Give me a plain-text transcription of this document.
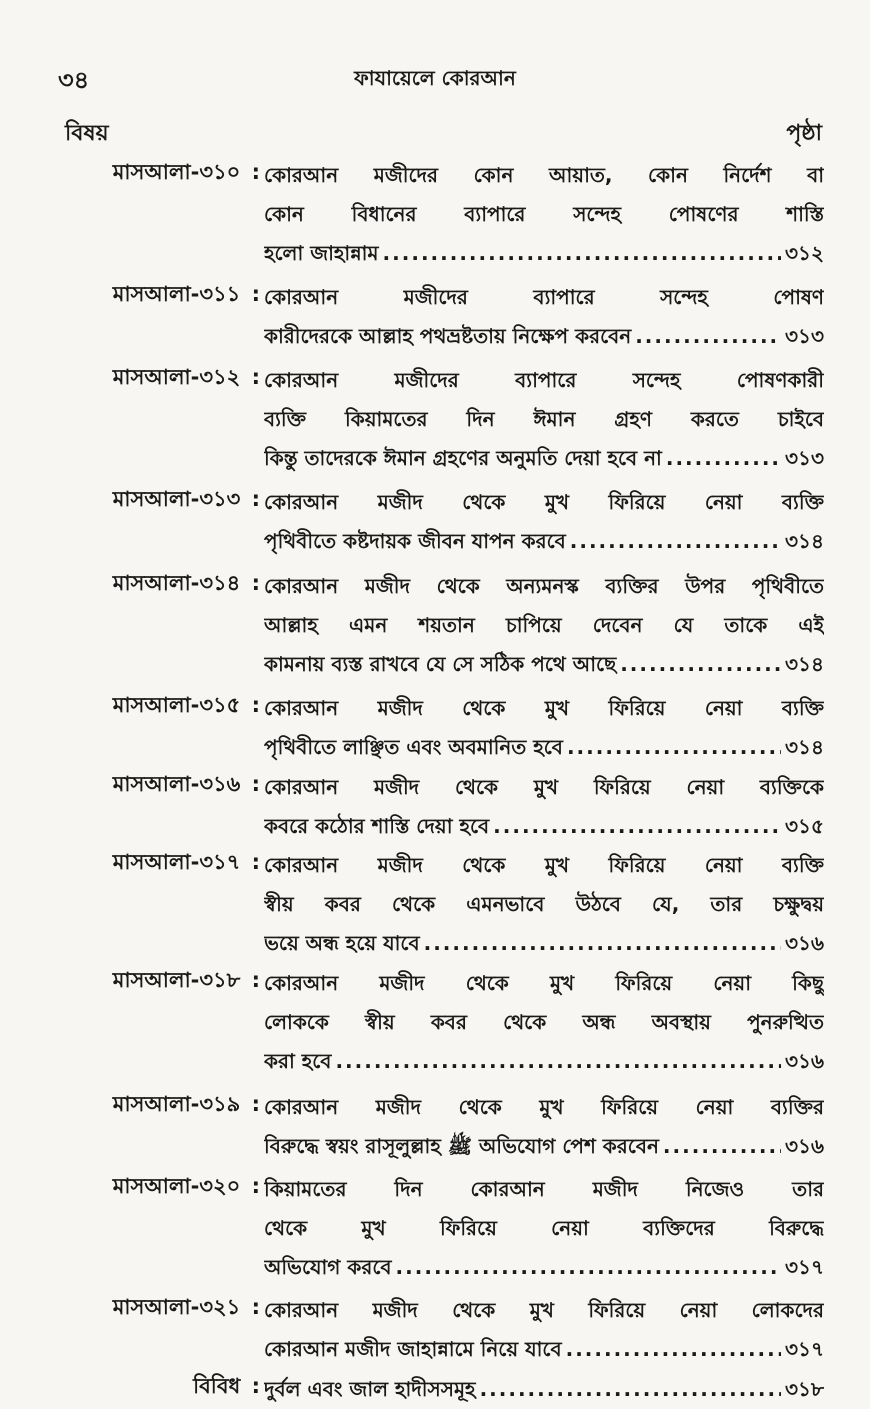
৩৪	ফাযায়েলে কোরআন
বিষয়	পৃষ্ঠা
মাসআলা-৩১০ : কোরআন মজীদের কোন আয়াত, কোন নির্দেশ বা
কোন বিধানের ব্যাপারে সন্দেহ পোষণের শাস্তি
হলো জাহান্নাম .....	৩১২
মাসআলা-৩১১ : কোরআন মজীদের ব্যাপারে সন্দেহ পোষণ
কারীদেরকে আল্লাহ পথভ্রষ্টতায় নিক্ষেপ করবেন .....	৩১৩
মাসআলা-৩১২ : কোরআন মজীদের ব্যাপারে সন্দেহ পোষণকারী
ব্যক্তি কিয়ামতের দিন ঈমান গ্রহণ করতে চাইবে
কিন্তু তাদেরকে ঈমান গ্রহণের অনুমতি দেয়া হবে না .....	৩১৩
মাসআলা-৩১৩ : কোরআন মজীদ থেকে মুখ ফিরিয়ে নেয়া ব্যক্তি
পৃথিবীতে কষ্টদায়ক জীবন যাপন করবে .....	৩১৪
মাসআলা-৩১৪ : কোরআন মজীদ থেকে অন্যমনস্ক ব্যক্তির উপর পৃথিবীতে
আল্লাহ এমন শয়তান চাপিয়ে দেবেন যে তাকে এই
কামনায় ব্যস্ত রাখবে যে সে সঠিক পথে আছে .....	৩১৪
মাসআলা-৩১৫ : কোরআন মজীদ থেকে মুখ ফিরিয়ে নেয়া ব্যক্তি
পৃথিবীতে লাঞ্ছিত এবং অবমানিত হবে .....	৩১৪
মাসআলা-৩১৬ : কোরআন মজীদ থেকে মুখ ফিরিয়ে নেয়া ব্যক্তিকে
কবরে কঠোর শাস্তি দেয়া হবে .....	৩১৫
মাসআলা-৩১৭ : কোরআন মজীদ থেকে মুখ ফিরিয়ে নেয়া ব্যক্তি
স্বীয় কবর থেকে এমনভাবে উঠবে যে, তার চক্ষুদ্বয়
ভয়ে অন্ধ হয়ে যাবে .....	৩১৬
মাসআলা-৩১৮ : কোরআন মজীদ থেকে মুখ ফিরিয়ে নেয়া কিছু
লোককে স্বীয় কবর থেকে অন্ধ অবস্থায় পুনরুত্থিত
করা হবে .....	৩১৬
মাসআলা-৩১৯ : কোরআন মজীদ থেকে মুখ ফিরিয়ে নেয়া ব্যক্তির
বিরুদ্ধে স্বয়ং রাসূলুল্লাহ ﷺ অভিযোগ পেশ করবেন .....	৩১৬
মাসআলা-৩২০ : কিয়ামতের দিন কোরআন মজীদ নিজেও তার
থেকে মুখ ফিরিয়ে নেয়া ব্যক্তিদের বিরুদ্ধে
অভিযোগ করবে .....	৩১৭
মাসআলা-৩২১ : কোরআন মজীদ থেকে মুখ ফিরিয়ে নেয়া লোকদের
কোরআন মজীদ জাহান্নামে নিয়ে যাবে .....	৩১৭
বিবিধ : দুর্বল এবং জাল হাদীসসমূহ .....	৩১৮
